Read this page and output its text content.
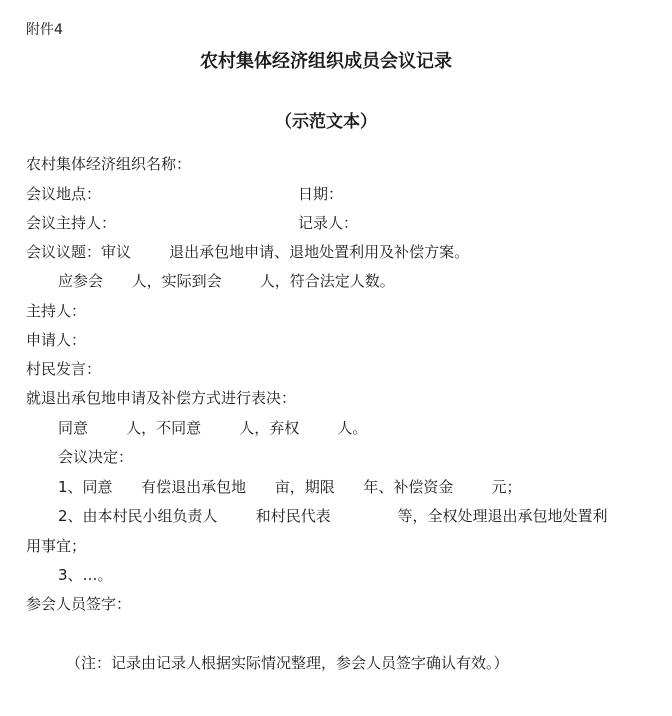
附件4
农村集体经济组织成员会议记录
（示范文本）
农村集体经济组织名称：
会议地点：	日期：
会议主持人：	记录人：
会议议题：审议        退出承包地申请、退地处置利用及补偿方案。
应参会      人，实际到会        人，符合法定人数。
主持人：
申请人：
村民发言：
就退出承包地申请及补偿方式进行表决：
同意        人，不同意        人，弃权        人。
会议决定：
1、同意      有偿退出承包地      亩，期限      年、补偿资金        元；
2、由本村民小组负责人        和村民代表              等，全权处理退出承包地处置利
用事宜；
3、…。
参会人员签字：
（注：记录由记录人根据实际情况整理，参会人员签字确认有效。）
